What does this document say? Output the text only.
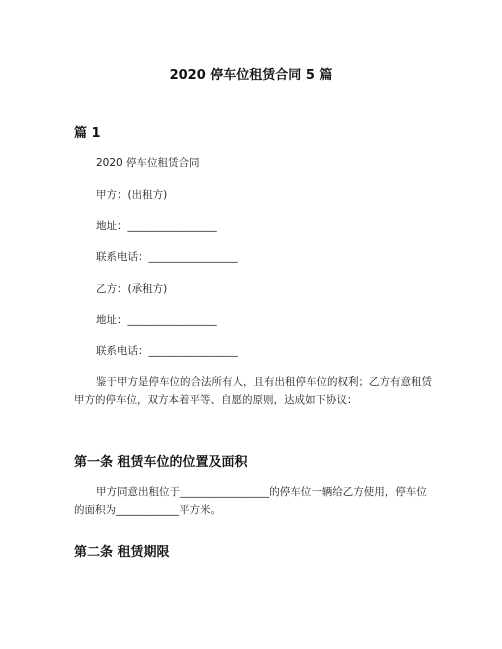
2020 停车位租赁合同 5 篇
篇 1
2020 停车位租赁合同
甲方：(出租方)
地址：_________________
联系电话：_________________
乙方：(承租方)
地址：_________________
联系电话：_________________
鉴于甲方是停车位的合法所有人，且有出租停车位的权利；乙方有意租赁甲方的停车位，双方本着平等、自愿的原则，达成如下协议：
第一条 租赁车位的位置及面积
甲方同意出租位于_________________的停车位一辆给乙方使用，停车位的面积为____________平方米。
第二条 租赁期限
